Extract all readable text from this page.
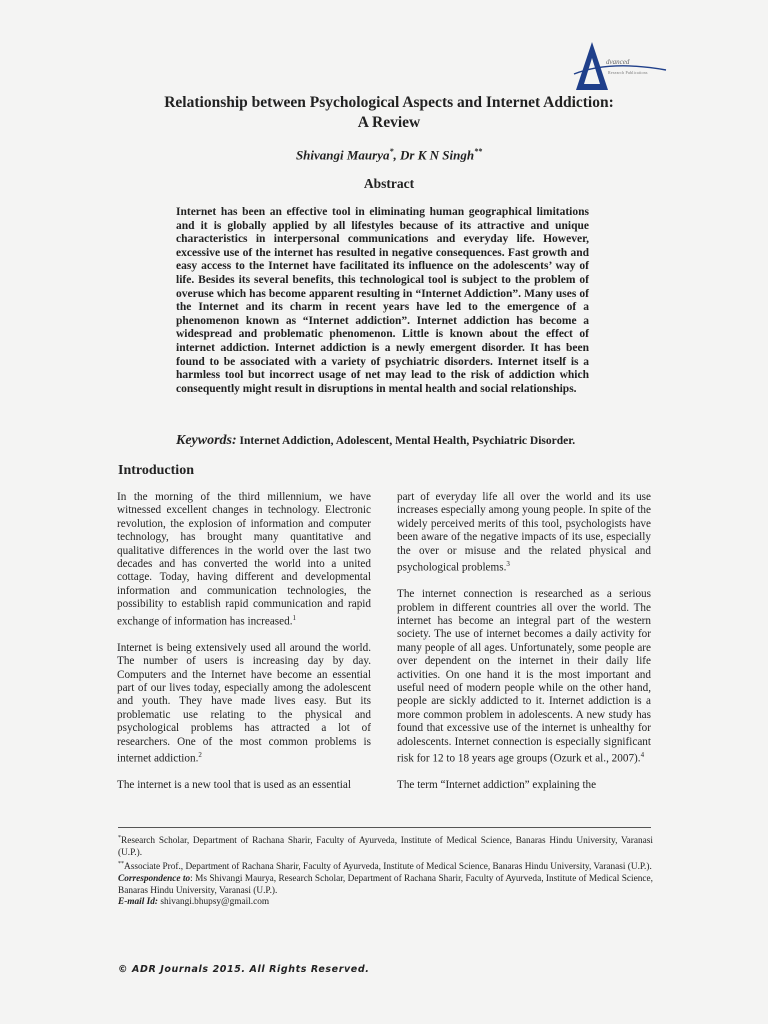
dvanced
Research Publications
Relationship between Psychological Aspects and Internet Addiction:
A Review
Shivangi Maurya*, Dr K N Singh**
Abstract

Internet has been an effective tool in eliminating human geographical limitations and it is globally applied by all lifestyles because of its attractive and unique characteristics in interpersonal communications and everyday life. However, excessive use of the internet has resulted in negative consequences. Fast growth and easy access to the Internet have facilitated its influence on the adolescents’ way of life. Besides its several benefits, this technological tool is subject to the problem of overuse which has become apparent resulting in “Internet Addiction”. Many uses of the Internet and its charm in recent years have led to the emergence of a phenomenon known as “Internet addiction”. Internet addiction has become a widespread and problematic phenomenon. Little is known about the effect of internet addiction. Internet addiction is a newly emergent disorder. It has been found to be associated with a variety of psychiatric disorders. Internet itself is a harmless tool but incorrect usage of net may lead to the risk of addiction which consequently might result in disruptions in mental health and social relationships.

Keywords: Internet Addiction, Adolescent, Mental Health, Psychiatric Disorder.
Introduction

In the morning of the third millennium, we have witnessed excellent changes in technology. Electronic revolution, the explosion of information and computer technology, has brought many quantitative and qualitative differences in the world over the last two decades and has converted the world into a united cottage. Today, having different and developmental information and communication technologies, the possibility to establish rapid communication and rapid exchange of information has increased.$^1$

Internet is being extensively used all around the world. The number of users is increasing day by day. Computers and the Internet have become an essential part of our lives today, especially among the adolescent and youth. They have made lives easy. But its problematic use relating to the physical and psychological problems has attracted a lot of researchers. One of the most common problems is internet addiction.$^2$

The internet is a new tool that is used as an essential

part of everyday life all over the world and its use increases especially among young people. In spite of the widely perceived merits of this tool, psychologists have been aware of the negative impacts of its use, especially the over or misuse and the related physical and psychological problems.$^3$

The internet connection is researched as a serious problem in different countries all over the world. The internet has become an integral part of the western society. The use of internet becomes a daily activity for many people of all ages. Unfortunately, some people are over dependent on the internet in their daily life activities. On one hand it is the most important and useful need of modern people while on the other hand, people are sickly addicted to it. Internet addiction is a more common problem in adolescents. A new study has found that excessive use of the internet is unhealthy for adolescents. Internet connection is especially significant risk for 12 to 18 years age groups (Ozurk et al., 2007).$^4$

The term “Internet addiction” explaining the

*Research Scholar, Department of Rachana Sharir, Faculty of Ayurveda, Institute of Medical Science, Banaras Hindu University, Varanasi (U.P.).

**Associate Prof., Department of Rachana Sharir, Faculty of Ayurveda, Institute of Medical Science, Banaras Hindu University, Varanasi (U.P.).

Correspondence to: Ms Shivangi Maurya, Research Scholar, Department of Rachana Sharir, Faculty of Ayurveda, Institute of Medical Science, Banaras Hindu University, Varanasi (U.P.).

E-mail Id: shivangi.bhupsy@gmail.com

© ADR Journals 2015. All Rights Reserved.
